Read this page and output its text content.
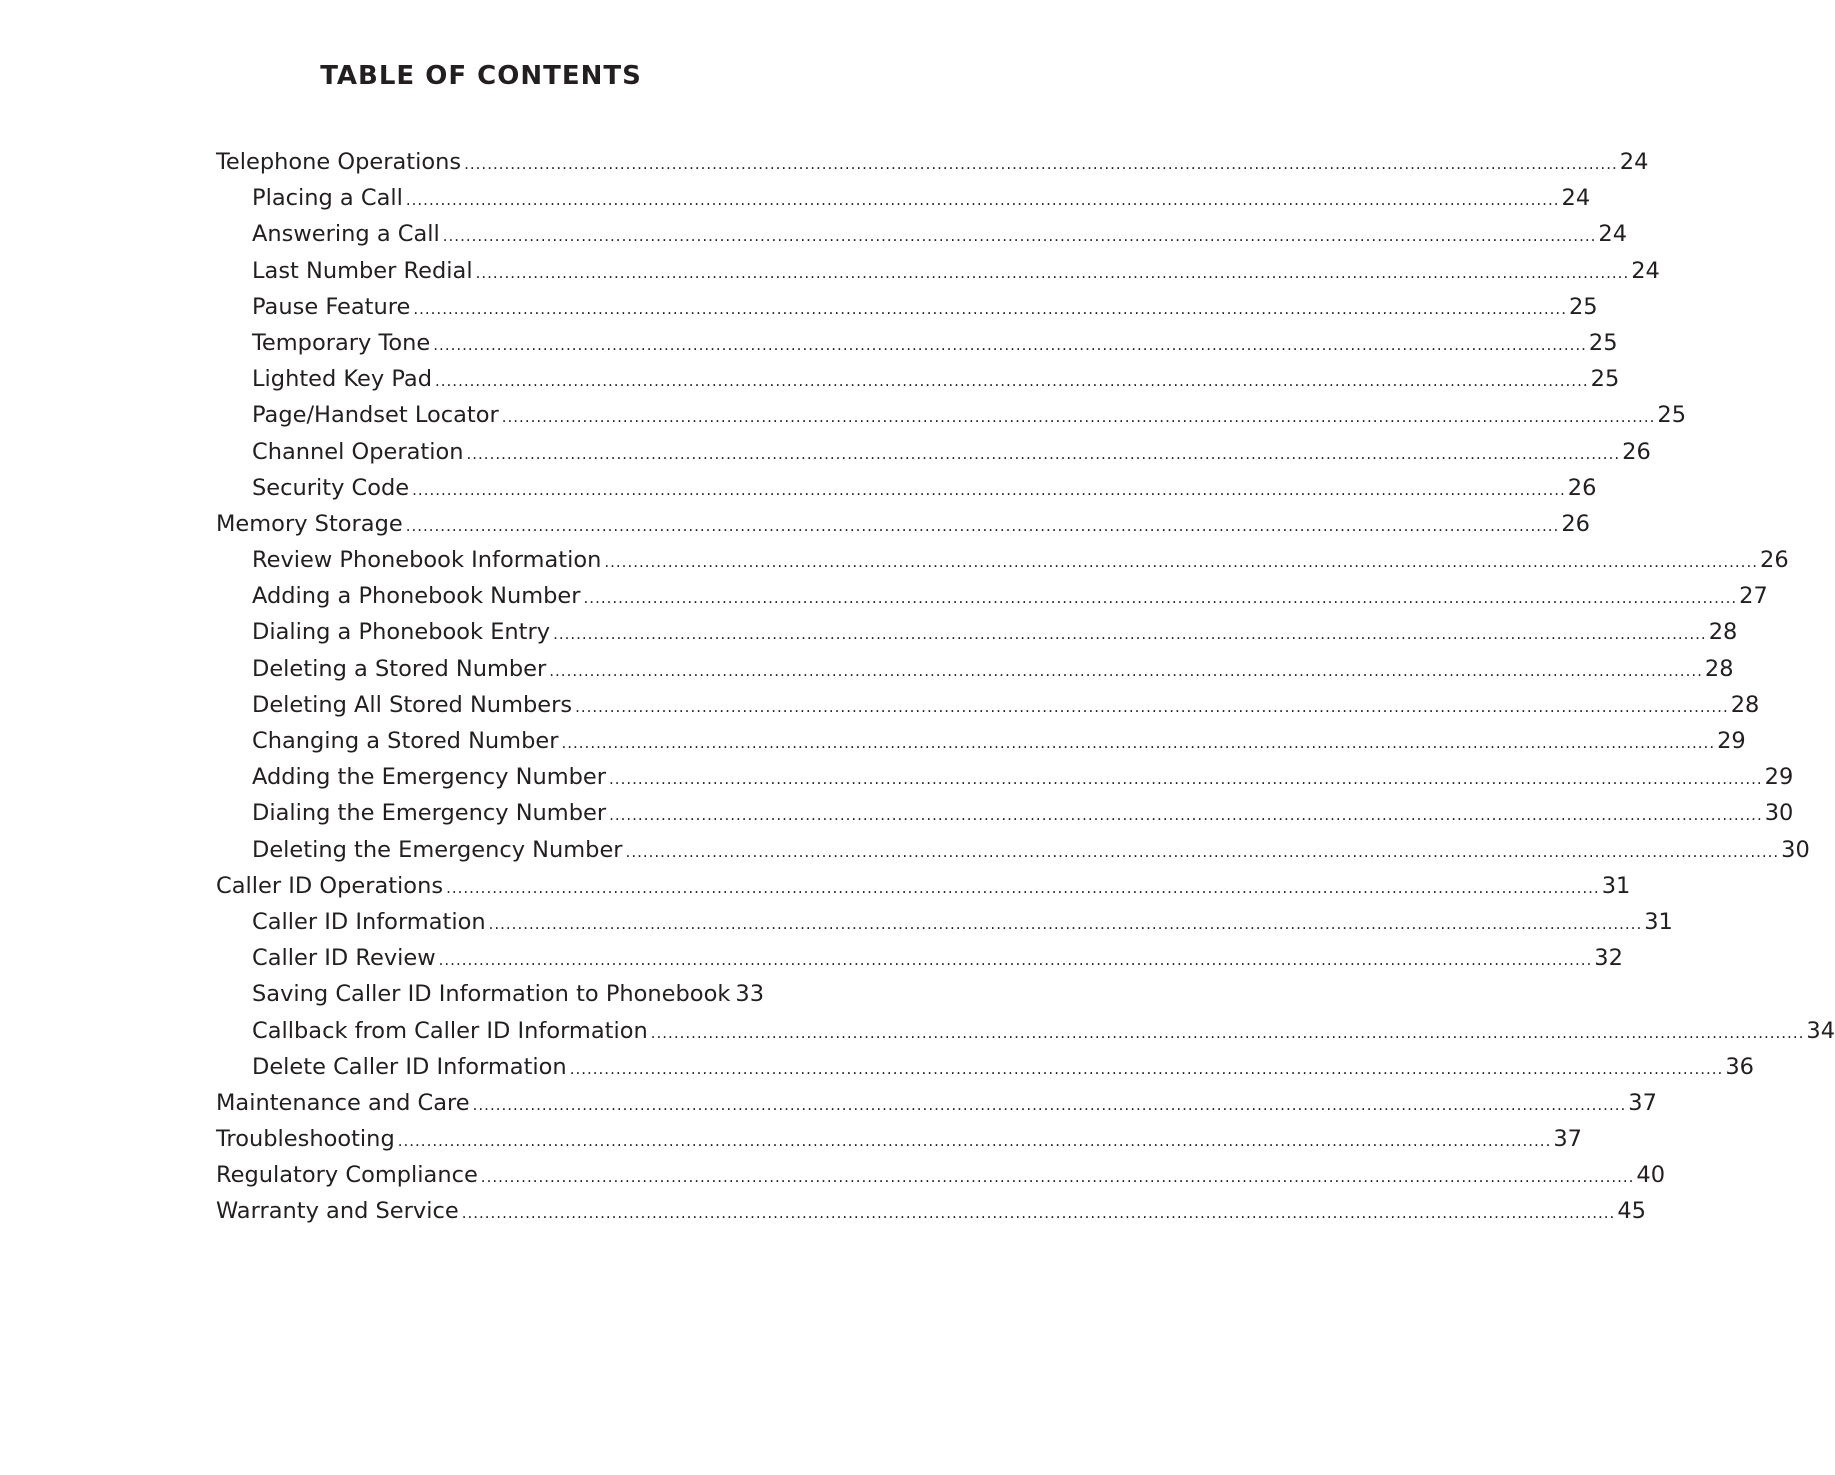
TABLE OF CONTENTS
Telephone Operations ........................................................................................................................................................................................................ 24
Placing a Call ........................................................................................................................................................................................................ 24
Answering a Call ........................................................................................................................................................................................................ 24
Last Number Redial ........................................................................................................................................................................................................ 24
Pause Feature ........................................................................................................................................................................................................ 25
Temporary Tone ........................................................................................................................................................................................................ 25
Lighted Key Pad ........................................................................................................................................................................................................ 25
Page/Handset Locator ........................................................................................................................................................................................................ 25
Channel Operation ........................................................................................................................................................................................................ 26
Security Code ........................................................................................................................................................................................................ 26
Memory Storage ........................................................................................................................................................................................................ 26
Review Phonebook Information ........................................................................................................................................................................................................ 26
Adding a Phonebook Number ........................................................................................................................................................................................................ 27
Dialing a Phonebook Entry ........................................................................................................................................................................................................ 28
Deleting a Stored Number ........................................................................................................................................................................................................ 28
Deleting All Stored Numbers ........................................................................................................................................................................................................ 28
Changing a Stored Number ........................................................................................................................................................................................................ 29
Adding the Emergency Number ........................................................................................................................................................................................................ 29
Dialing the Emergency Number ........................................................................................................................................................................................................ 30
Deleting the Emergency Number ........................................................................................................................................................................................................ 30
Caller ID Operations ........................................................................................................................................................................................................ 31
Caller ID Information ........................................................................................................................................................................................................ 31
Caller ID Review ........................................................................................................................................................................................................ 32
Saving Caller ID Information to Phonebook 33
Callback from Caller ID Information ........................................................................................................................................................................................................ 34
Delete Caller ID Information ........................................................................................................................................................................................................ 36
Maintenance and Care ........................................................................................................................................................................................................ 37
Troubleshooting ........................................................................................................................................................................................................ 37
Regulatory Compliance ........................................................................................................................................................................................................ 40
Warranty and Service ........................................................................................................................................................................................................ 45
